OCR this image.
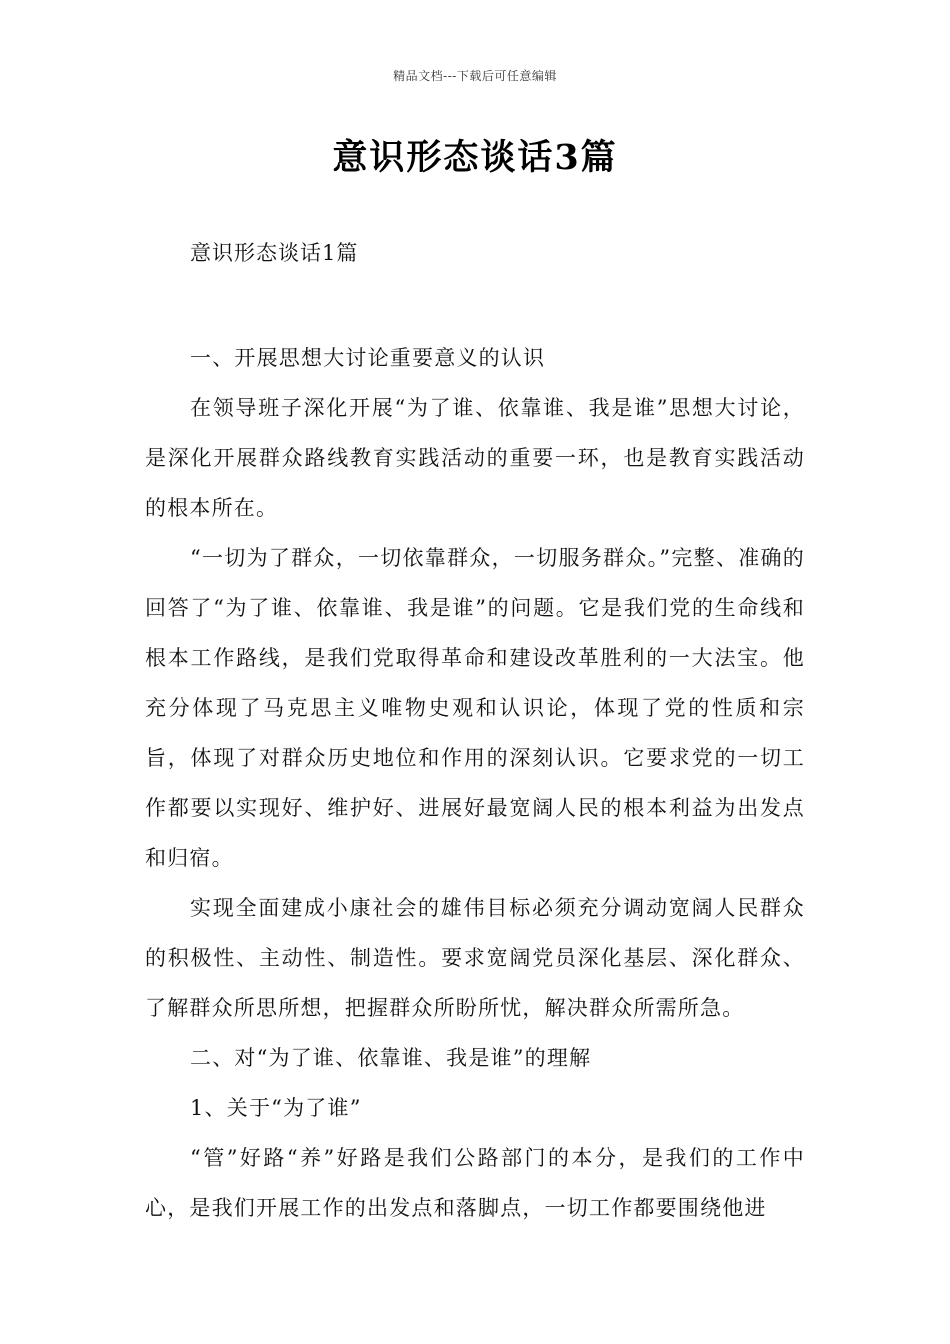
精品文档---下载后可任意编辑
意识形态谈话3篇
意识形态谈话1篇

一、开展思想大讨论重要意义的认识

在领导班子深化开展“为了谁、依靠谁、我是谁”思想大讨论，是深化开展群众路线教育实践活动的重要一环，也是教育实践活动的根本所在。

“一切为了群众，一切依靠群众，一切服务群众。”完整、准确的回答了“为了谁、依靠谁、我是谁”的问题。它是我们党的生命线和根本工作路线，是我们党取得革命和建设改革胜利的一大法宝。他充分体现了马克思主义唯物史观和认识论，体现了党的性质和宗旨，体现了对群众历史地位和作用的深刻认识。它要求党的一切工作都要以实现好、维护好、进展好最宽阔人民的根本利益为出发点和归宿。

实现全面建成小康社会的雄伟目标必须充分调动宽阔人民群众的积极性、主动性、制造性。要求宽阔党员深化基层、深化群众、了解群众所思所想，把握群众所盼所忧，解决群众所需所急。

二、对“为了谁、依靠谁、我是谁”的理解

1、关于“为了谁”

“管”好路“养”好路是我们公路部门的本分，是我们的工作中心，是我们开展工作的出发点和落脚点，一切工作都要围绕他进
